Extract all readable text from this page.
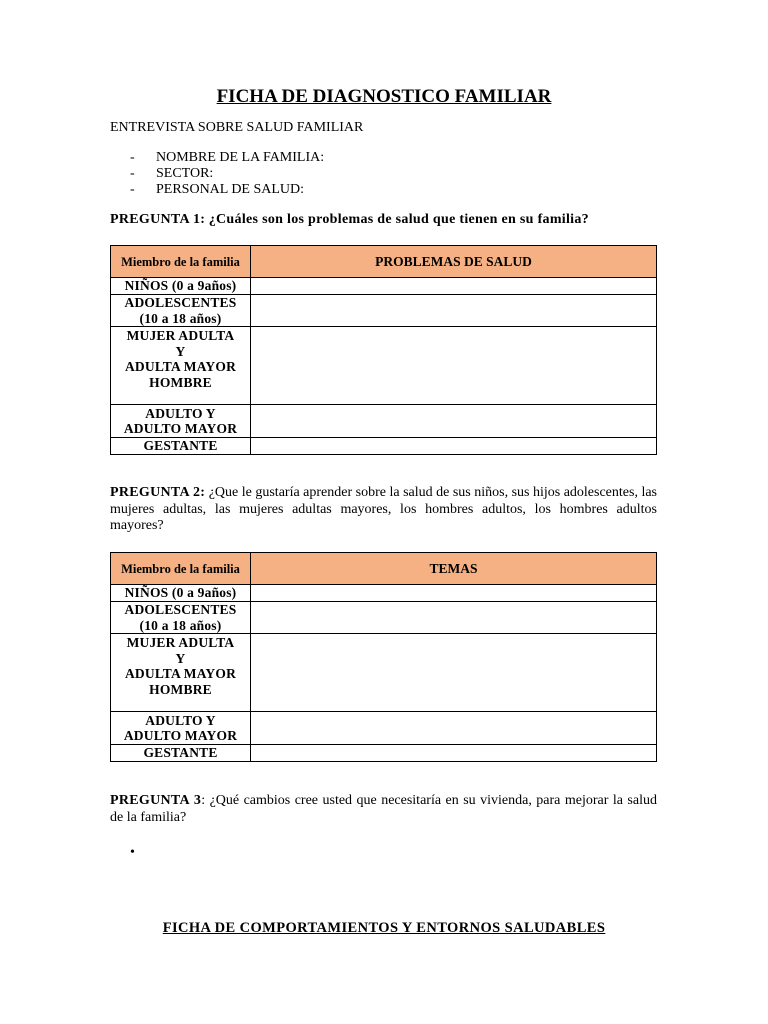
FICHA DE DIAGNOSTICO FAMILIAR
ENTREVISTA SOBRE SALUD FAMILIAR
-	NOMBRE DE LA FAMILIA:
-	SECTOR:
-	PERSONAL DE SALUD:
PREGUNTA 1: ¿Cuáles son los problemas de salud que tienen en su familia?
Miembro de la familia	PROBLEMAS DE SALUD

NIÑOS (0 a 9años)	

ADOLESCENTES
(10 a 18 años)	

MUJER ADULTA
Y
ADULTA MAYOR
HOMBRE	

ADULTO Y
ADULTO MAYOR	

GESTANTE	

PREGUNTA 2: ¿Que le gustaría aprender sobre la salud de sus niños, sus hijos adolescentes, las mujeres adultas, las mujeres adultas mayores, los hombres adultos, los hombres adultos mayores?
Miembro de la familia	TEMAS

NIÑOS (0 a 9años)	

ADOLESCENTES
(10 a 18 años)	

MUJER ADULTA
Y
ADULTA MAYOR
HOMBRE	

ADULTO Y
ADULTO MAYOR	

GESTANTE	

PREGUNTA 3: ¿Qué cambios cree usted que necesitaría en su vivienda, para mejorar la salud de la familia?
•
FICHA DE COMPORTAMIENTOS Y ENTORNOS SALUDABLES
